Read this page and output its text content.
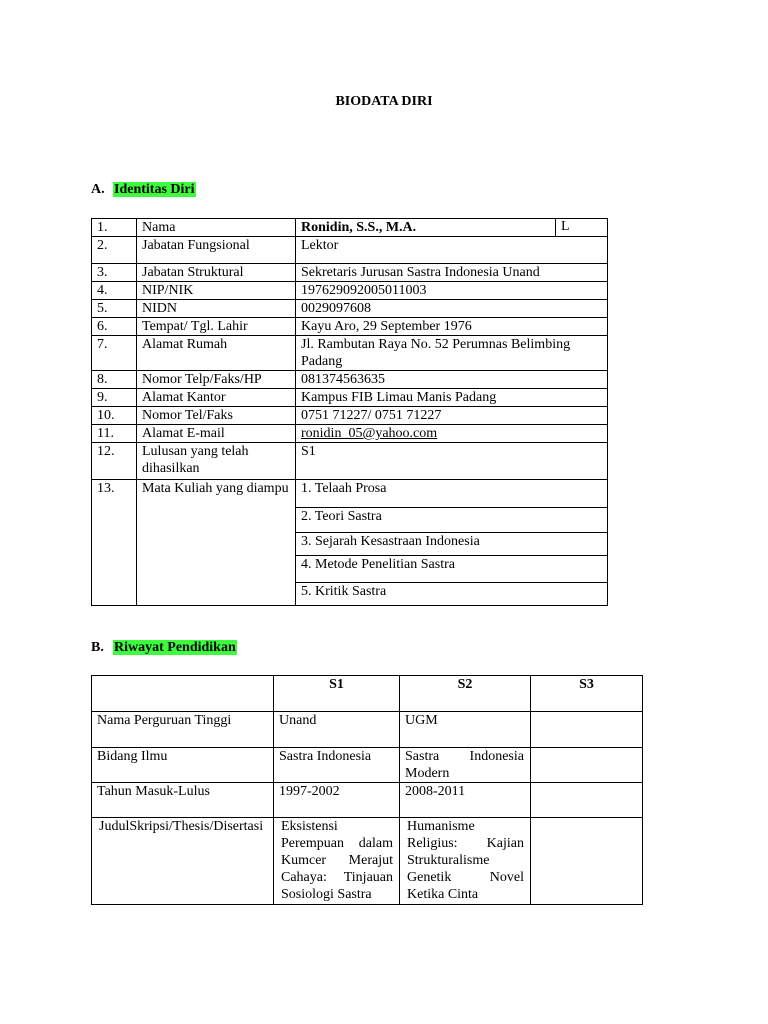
BIODATA DIRI
A. Identitas Diri
1.	Nama	Ronidin, S.S., M.A.	L

2.	Jabatan Fungsional	Lektor
3.	Jabatan Struktural	Sekretaris Jurusan Sastra Indonesia Unand
4.	NIP/NIK	197629092005011003
5.	NIDN	0029097608
6.	Tempat/ Tgl. Lahir	Kayu Aro, 29 September 1976
7.	Alamat Rumah	Jl. Rambutan Raya No. 52 Perumnas Belimbing Padang
8.	Nomor Telp/Faks/HP	081374563635
9.	Alamat Kantor	Kampus FIB Limau Manis Padang
10.	Nomor Tel/Faks	0751 71227/ 0751 71227
11.	Alamat E-mail	ronidin_05@yahoo.com
12.	Lulusan yang telah dihasilkan	S1
13.	Mata Kuliah yang diampu	1. Telaah Prosa
2. Teori Sastra
3. Sejarah Kesastraan Indonesia
4. Metode Penelitian Sastra
5. Kritik Sastra
B. Riwayat Pendidikan
	S1	S2	S3
Nama Perguruan Tinggi	Unand	UGM	
Bidang Ilmu	Sastra Indonesia	Sastra Indonesia Modern	
Tahun Masuk-Lulus	1997-2002	2008-2011	
JudulSkripsi/Thesis/Disertasi	Eksistensi Perempuan dalam Kumcer Merajut Cahaya: Tinjauan Sosiologi Sastra	Humanisme Religius: Kajian Strukturalisme Genetik Novel Ketika Cinta	
